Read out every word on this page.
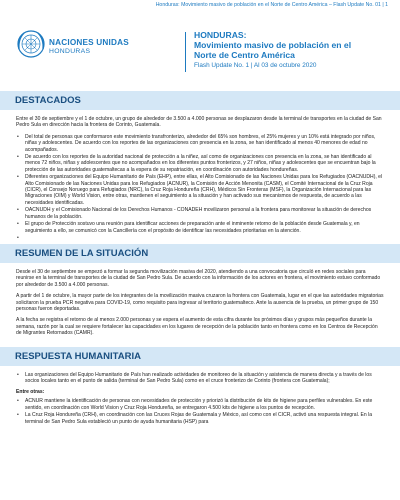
Honduras: Movimiento masivo de población en el Norte de Centro América – Flash Update No. 01 | 1
NACIONES UNIDAS
HONDURAS
HONDURAS:
Movimiento masivo de población en el
Norte de Centro América
Flash Update No. 1 | Al 03 de octubre 2020
DESTACADOS

Entre el 30 de septiembre y el 1 de octubre, un grupo de alrededor de 3.500 a 4.000 personas se desplazaron desde la terminal de transportes en la ciudad de San Pedro Sula en dirección hacia la frontera de Corinto, Guatemala.

• Del total de personas que conformaron este movimiento transfronterizo, alrededor del 65% son hombres, el 25% mujeres y un 10% está integrado por niños, niñas y adolescentes. De acuerdo con los reportes de las organizaciones con presencia en la zona, se han identificado al menos 40 menores de edad no acompañados.
• De acuerdo con los reportes de la autoridad nacional de protección a la niñez, así como de organizaciones con presencia en la zona, se han identificado al menos 72 niños, niñas y adolescentes que no acompañados en los diferentes puntos fronterizos, y 27 niños, niñas y adolescentes que se encuentran bajo la protección de las autoridades guatemaltecas a la espera de su repatriación, en coordinación con autoridades hondureñas.
• Diferentes organizaciones del Equipo Humanitario de País (EHP), entre ellas, el Alto Comisionado de las Naciones Unidas para los Refugiados (OACNUDH), el Alto Comisionado de las Naciones Unidas para los Refugiados (ACNUR), la Comisión de Acción Menonita (CASM), el Comité Internacional de la Cruz Roja (CICR), el Consejo Noruego para Refugiados (NRC), la Cruz Roja Hondureña (CRH), Médicos Sin Fronteras (MSF), la Organización Internacional para las Migraciones (OIM) y World Vision, entre otras, mantienen el seguimiento a la situación y han activado sus mecanismos de respuesta, de acuerdo a las necesidades identificadas.
• OACNUDH y el Comisionado Nacional de los Derechos Humanos - CONADEH movilizaron personal a la frontera para monitorear la situación de derechos humanos de la población.
• El grupo de Protección sostuvo una reunión para identificar acciones de preparación ante el inminente retorno de la población desde Guatemala y, en seguimiento a ello, se comunicó con la Cancillería con el propósito de identificar las necesidades prioritarias en la atención.
RESUMEN DE LA SITUACIÓN

Desde el 30 de septiembre se empezó a formar la segunda movilización masiva del 2020, atendiendo a una convocatoria que circuló en redes sociales para reunirse en la terminal de transportes de la ciudad de San Pedro Sula. De acuerdo con la información de los actores en frontera, el movimiento estuvo conformado por alrededor de 3.500 a 4.000 personas.

A partir del 1 de octubre, la mayor parte de los integrantes de la movilización masiva cruzaron la frontera con Guatemala, lugar en el que las autoridades migratorias solicitaron la prueba PCR negativa para COVID-19, como requisito para ingresar al territorio guatemalteco. Ante la ausencia de la prueba, un primer grupo de 150 personas fueron deportadas.

A la fecha se registra el retorno de al menos 2.000 personas y se espera el aumento de esta cifra durante los próximos días y grupos más pequeños durante la semana, razón por la cual se requiere fortalecer las capacidades en los lugares de recepción de la población tanto en frontera como en los Centros de Recepción de Migrantes Retornados (CAMR).

RESPUESTA HUMANITARIA
• Las organizaciones del Equipo Humanitario de País han realizado actividades de monitoreo de la situación y asistencia de manera directa y a través de los socios locales tanto en el punto de salida (terminal de San Pedro Sula) como en el cruce fronterizo de Corinto (frontera con Guatemala);
Entre otras:
• ACNUR mantiene la identificación de personas con necesidades de protección y priorizó la distribución de kits de higiene para perfiles vulnerables. En este sentido, en coordinación con World Vision y Cruz Roja Hondureña, se entregaron 4.500 kits de higiene a los puntos de recepción.
• La Cruz Roja Hondureña (CRH), en coordinación con las Cruces Rojas de Guatemala y México, así como con el CICR, activó una respuesta integral. En la terminal de San Pedro Sula estableció un punto de ayuda humanitaria (HSP) para
